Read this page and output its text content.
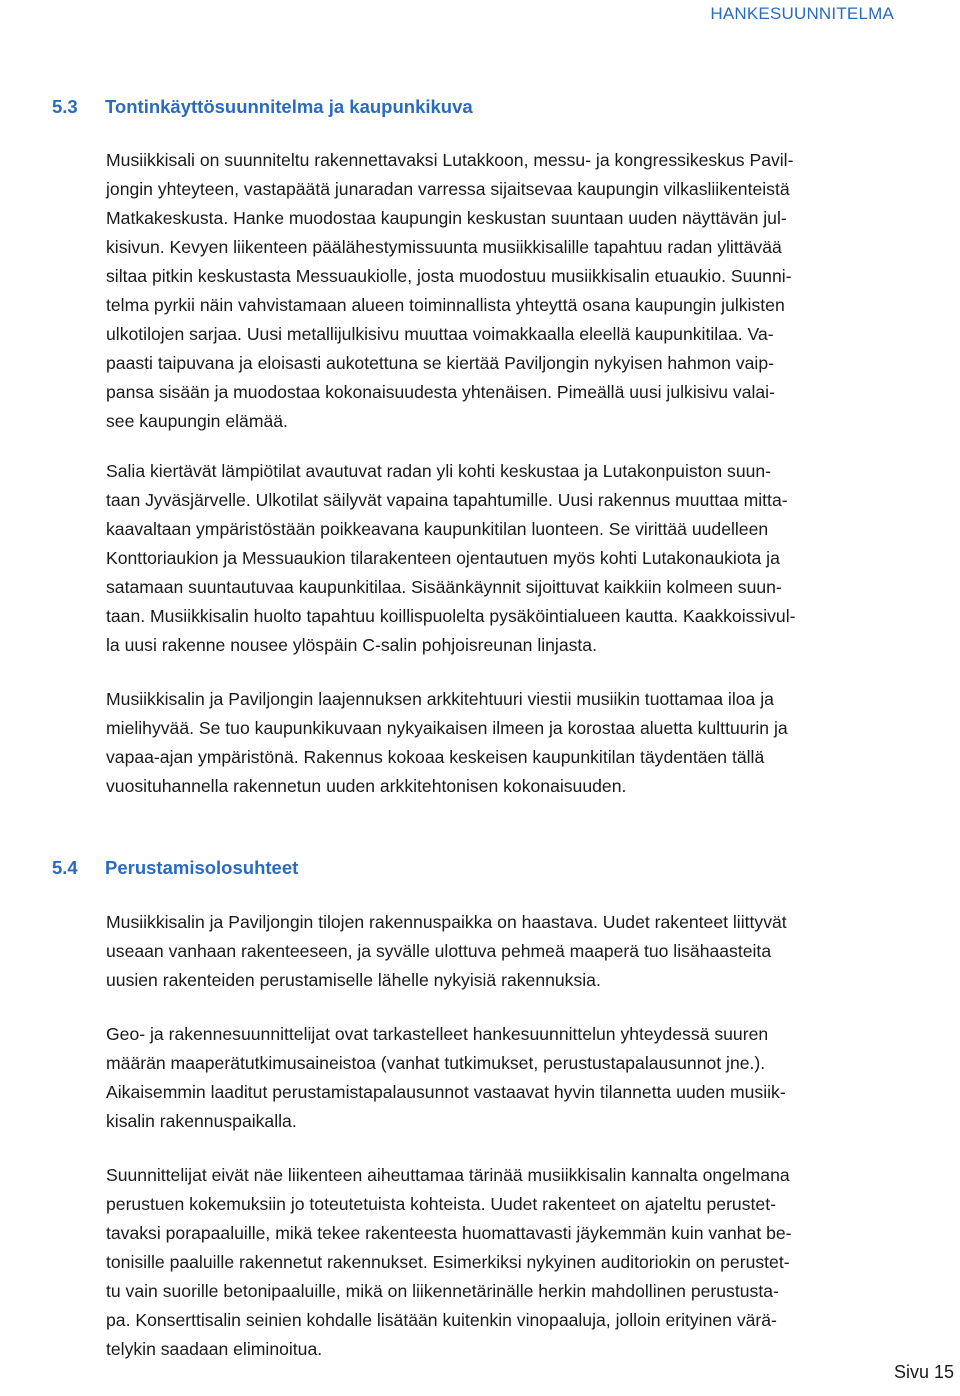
HANKESUUNNITELMA
5.3 Tontinkäyttösuunnitelma ja kaupunkikuva
Musiikkisali on suunniteltu rakennettavaksi Lutakkoon, messu- ja kongressikeskus Pavil-
jongin yhteyteen, vastapäätä junaradan varressa sijaitsevaa kaupungin vilkasliikenteistä
Matkakeskusta. Hanke muodostaa kaupungin keskustan suuntaan uuden näyttävän jul-
kisivun. Kevyen liikenteen päälähestymissuunta musiikkisalille tapahtuu radan ylittävää
siltaa pitkin keskustasta Messuaukiolle, josta muodostuu musiikkisalin etuaukio. Suunni-
telma pyrkii näin vahvistamaan alueen toiminnallista yhteyttä osana kaupungin julkisten
ulkotilojen sarjaa. Uusi metallijulkisivu muuttaa voimakkaalla eleellä kaupunkitilaa. Va-
paasti taipuvana ja eloisasti aukotettuna se kiertää Paviljongin nykyisen hahmon vaip-
pansa sisään ja muodostaa kokonaisuudesta yhtenäisen. Pimeällä uusi julkisivu valai-
see kaupungin elämää.
Salia kiertävät lämpiötilat avautuvat radan yli kohti keskustaa ja Lutakonpuiston suun-
taan Jyväsjärvelle. Ulkotilat säilyvät vapaina tapahtumille. Uusi rakennus muuttaa mitta-
kaavaltaan ympäristöstään poikkeavana kaupunkitilan luonteen. Se virittää uudelleen
Konttoriaukion ja Messuaukion tilarakenteen ojentautuen myös kohti Lutakonaukiota ja
satamaan suuntautuvaa kaupunkitilaa. Sisäänkäynnit sijoittuvat kaikkiin kolmeen suun-
taan. Musiikkisalin huolto tapahtuu koillispuolelta pysäköintialueen kautta. Kaakkoissivul-
la uusi rakenne nousee ylöspäin C-salin pohjoisreunan linjasta.
Musiikkisalin ja Paviljongin laajennuksen arkkitehtuuri viestii musiikin tuottamaa iloa ja
mielihyvää. Se tuo kaupunkikuvaan nykyaikaisen ilmeen ja korostaa aluetta kulttuurin ja
vapaa-ajan ympäristönä. Rakennus kokoaa keskeisen kaupunkitilan täydentäen tällä
vuosituhannella rakennetun uuden arkkitehtonisen kokonaisuuden.
5.4 Perustamisolosuhteet
Musiikkisalin ja Paviljongin tilojen rakennuspaikka on haastava. Uudet rakenteet liittyvät
useaan vanhaan rakenteeseen, ja syvälle ulottuva pehmeä maaperä tuo lisähaasteita
uusien rakenteiden perustamiselle lähelle nykyisiä rakennuksia.
Geo- ja rakennesuunnittelijat ovat tarkastelleet hankesuunnittelun yhteydessä suuren
määrän maaperätutkimusaineistoa (vanhat tutkimukset, perustustapalausunnot jne.).
Aikaisemmin laaditut perustamistapalausunnot vastaavat hyvin tilannetta uuden musiik-
kisalin rakennuspaikalla.
Suunnittelijat eivät näe liikenteen aiheuttamaa tärinää musiikkisalin kannalta ongelmana
perustuen kokemuksiin jo toteutetuista kohteista. Uudet rakenteet on ajateltu perustet-
tavaksi porapaaluille, mikä tekee rakenteesta huomattavasti jäykemmän kuin vanhat be-
tonisille paaluille rakennetut rakennukset. Esimerkiksi nykyinen auditoriokin on perustet-
tu vain suorille betonipaaluille, mikä on liikennetärinälle herkin mahdollinen perustusta-
pa. Konserttisalin seinien kohdalle lisätään kuitenkin vinopaaluja, jolloin erityinen värä-
telykin saadaan eliminoitua.
Sivu 15
